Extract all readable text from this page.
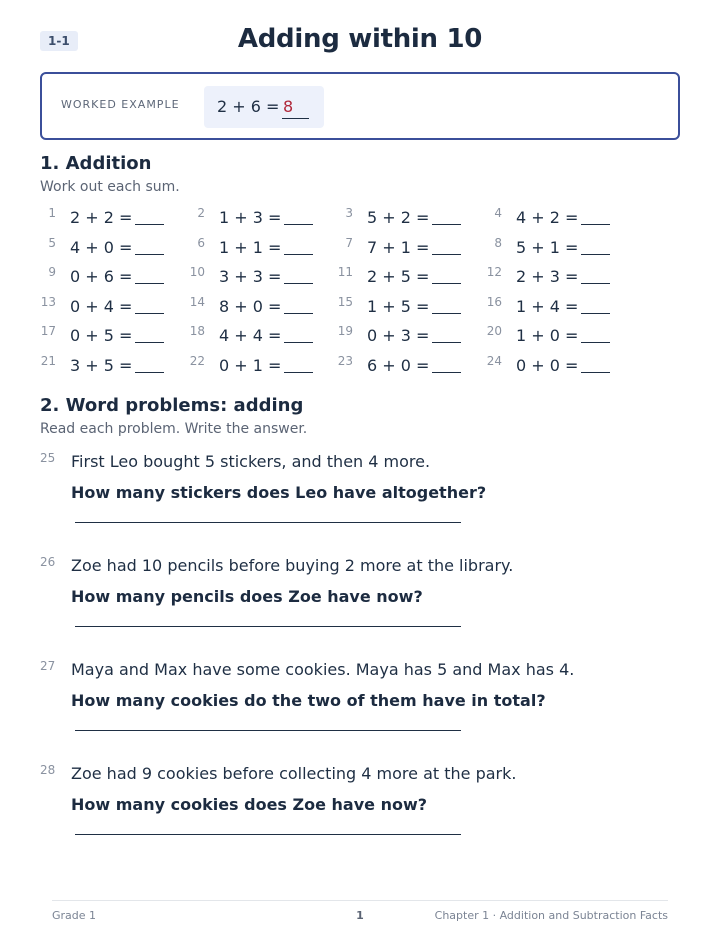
1-1	Adding within 10
WORKED EXAMPLE 2 + 6 = 8
1. Addition
Work out each sum.
1 2 + 2 =	2 1 + 3 =	3 5 + 2 =	4 4 + 2 =
5 4 + 0 =	6 1 + 1 =	7 7 + 1 =	8 5 + 1 =
9 0 + 6 =	10 3 + 3 =	11 2 + 5 =	12 2 + 3 =
13 0 + 4 =	14 8 + 0 =	15 1 + 5 =	16 1 + 4 =
17 0 + 5 =	18 4 + 4 =	19 0 + 3 =	20 1 + 0 =
21 3 + 5 =	22 0 + 1 =	23 6 + 0 =	24 0 + 0 =
2. Word problems: adding
Read each problem. Write the answer.
25 First Leo bought 5 stickers, and then 4 more.
How many stickers does Leo have altogether?
26 Zoe had 10 pencils before buying 2 more at the library.
How many pencils does Zoe have now?
27 Maya and Max have some cookies. Maya has 5 and Max has 4.
How many cookies do the two of them have in total?
28 Zoe had 9 cookies before collecting 4 more at the park.
How many cookies does Zoe have now?
Grade 1	1	Chapter 1 · Addition and Subtraction Facts
